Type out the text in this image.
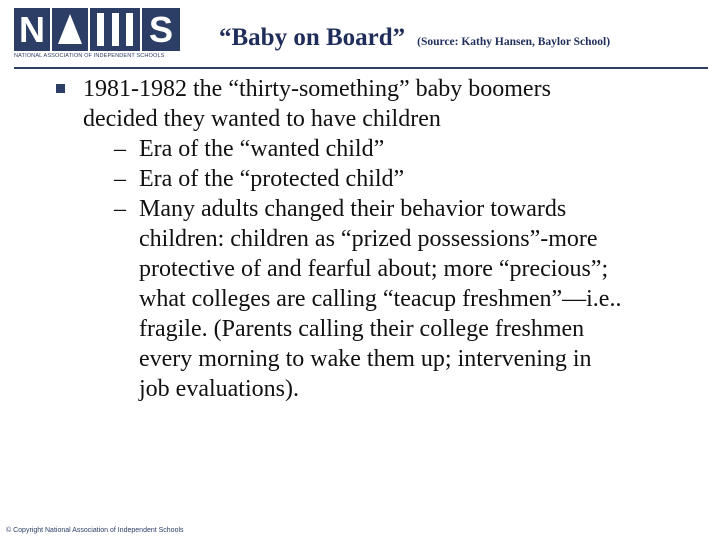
N	S
NATIONAL ASSOCIATION OF INDEPENDENT SCHOOLS
“Baby on Board” (Source: Kathy Hansen, Baylor School)
1981-1982 the “thirty-something” baby boomers
decided they wanted to have children
– Era of the “wanted child”
– Era of the “protected child”
– Many adults changed their behavior towards
children: children as “prized possessions”-more
protective of and fearful about; more “precious”;
what colleges are calling “teacup freshmen”—i.e..
fragile. (Parents calling their college freshmen
every morning to wake them up; intervening in
job evaluations).
© Copyright National Association of Independent Schools
